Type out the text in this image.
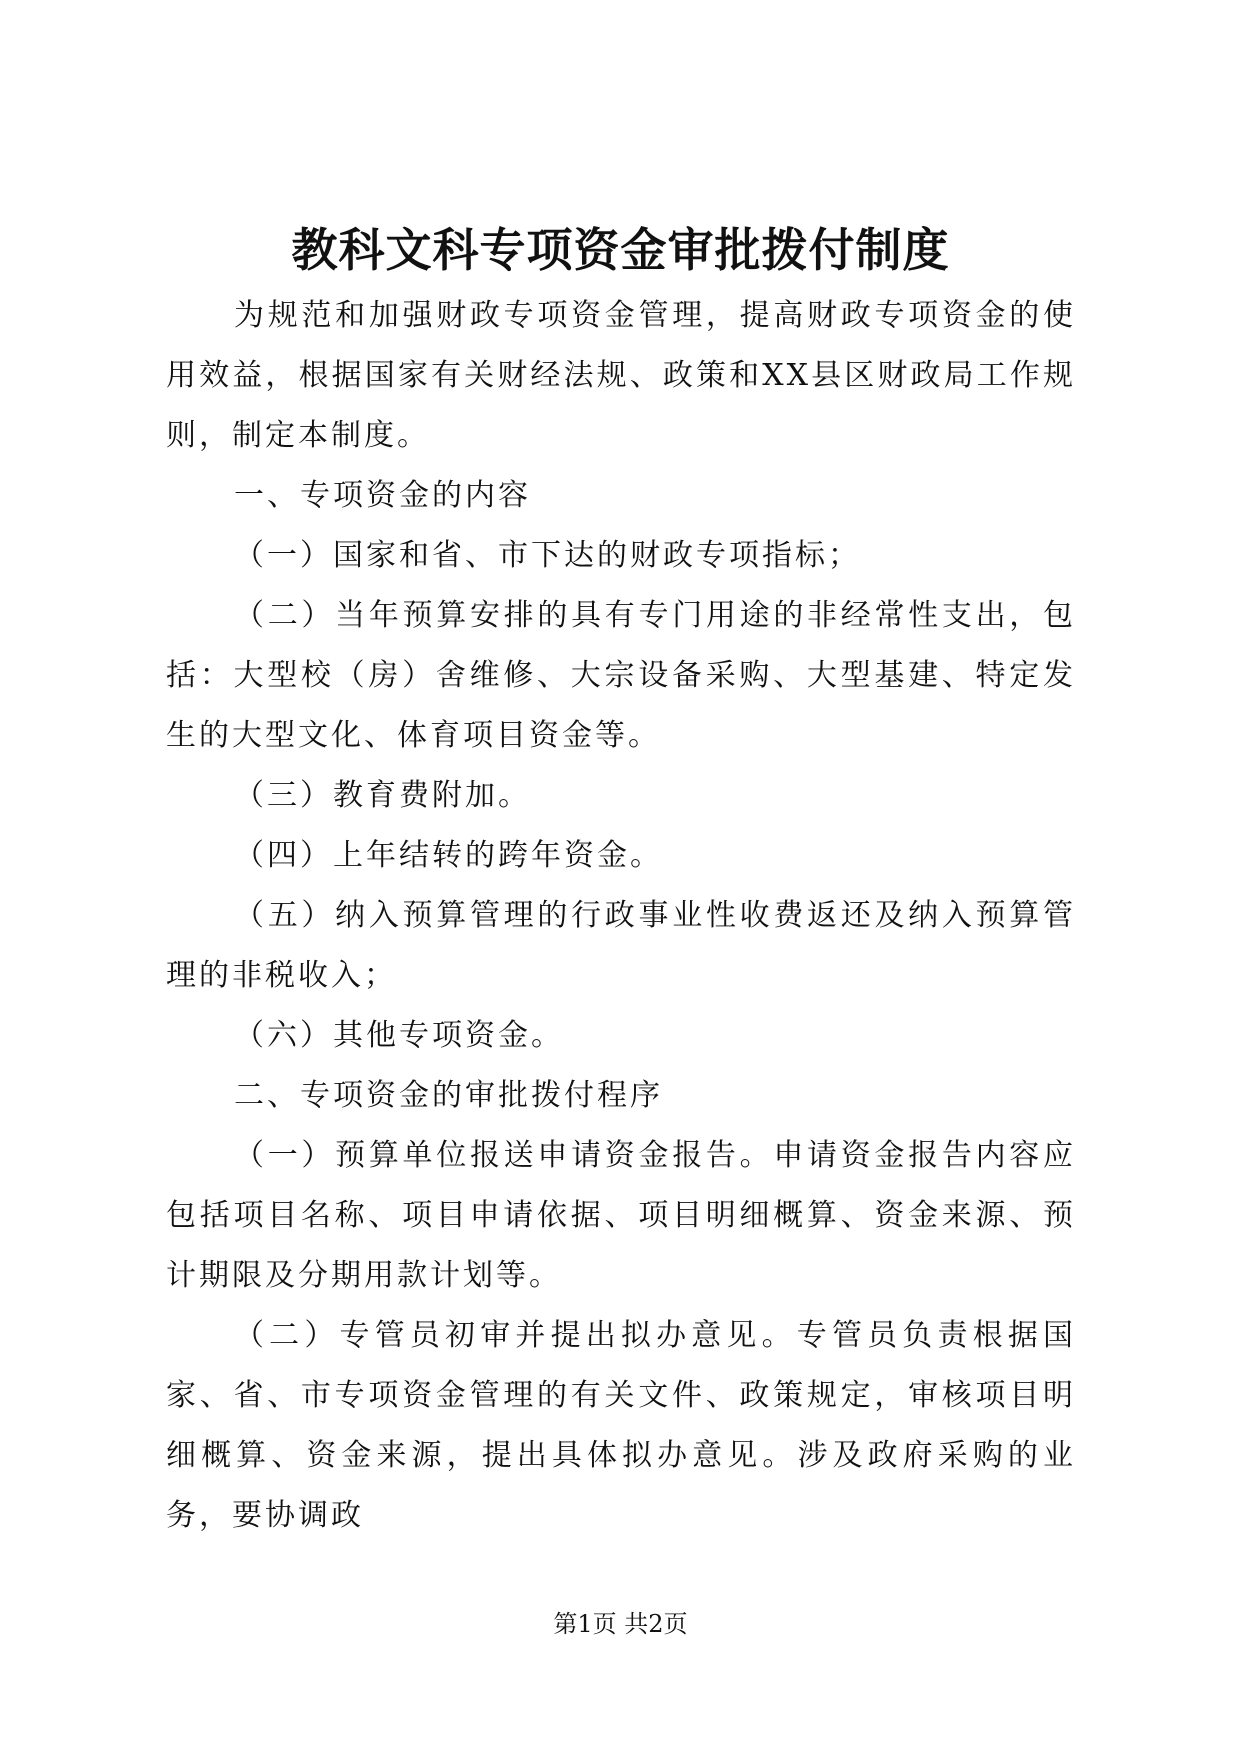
教科文科专项资金审批拨付制度

为规范和加强财政专项资金管理，提高财政专项资金的使用效益，根据国家有关财经法规、政策和XX县区财政局工作规则，制定本制度。

一、专项资金的内容

（一）国家和省、市下达的财政专项指标；

（二）当年预算安排的具有专门用途的非经常性支出，包括：大型校（房）舍维修、大宗设备采购、大型基建、特定发生的大型文化、体育项目资金等。

（三）教育费附加。

（四）上年结转的跨年资金。

（五）纳入预算管理的行政事业性收费返还及纳入预算管理的非税收入；

（六）其他专项资金。

二、专项资金的审批拨付程序

（一）预算单位报送申请资金报告。申请资金报告内容应包括项目名称、项目申请依据、项目明细概算、资金来源、预计期限及分期用款计划等。

（二）专管员初审并提出拟办意见。专管员负责根据国家、省、市专项资金管理的有关文件、政策规定，审核项目明细概算、资金来源，提出具体拟办意见。涉及政府采购的业务，要协调政

第1页 共2页
